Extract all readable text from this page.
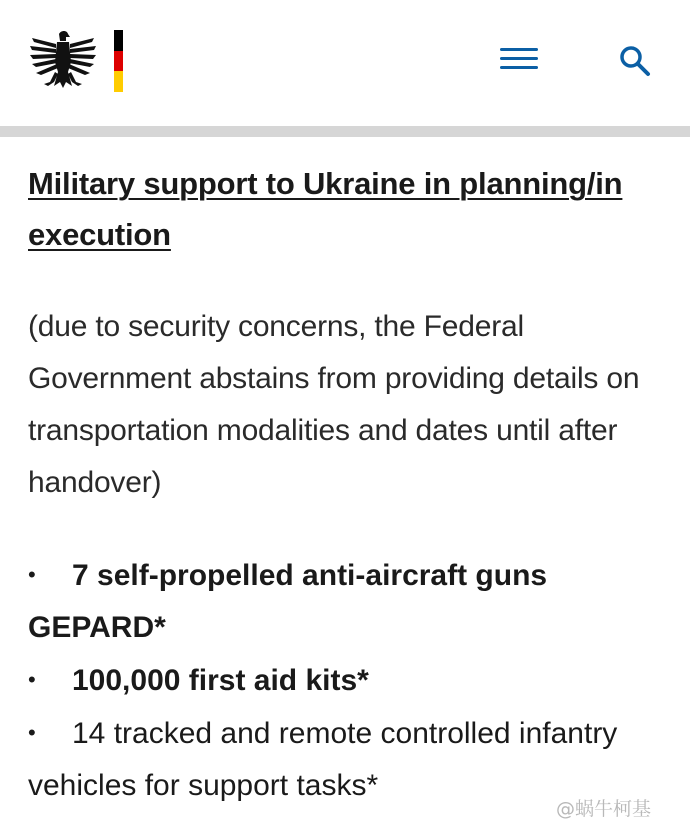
Military support to Ukraine in planning/in execution

(due to security concerns, the Federal Government abstains from providing details on transportation modalities and dates until after handover)

• 7 self-propelled anti-aircraft guns GEPARD*
• 100,000 first aid kits*
• 14 tracked and remote controlled infantry vehicles for support tasks*
@蜗牛柯基
